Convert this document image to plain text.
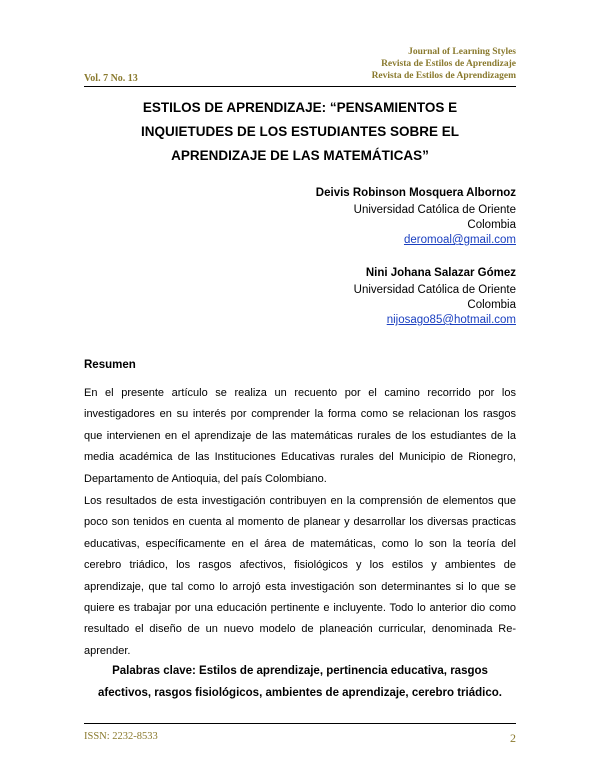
Journal of Learning Styles
Revista de Estilos de Aprendizaje
Revista de Estilos de Aprendizagem
Vol. 7 No. 13
ESTILOS DE APRENDIZAJE: “PENSAMIENTOS E
INQUIETUDES DE LOS ESTUDIANTES SOBRE EL
APRENDIZAJE DE LAS MATEMÁTICAS”
Deivis Robinson Mosquera Albornoz
Universidad Católica de Oriente
Colombia
deromoal@gmail.com
Nini Johana Salazar Gómez
Universidad Católica de Oriente
Colombia
nijosago85@hotmail.com
Resumen

En el presente artículo se realiza un recuento por el camino recorrido por los investigadores en su interés por comprender la forma como se relacionan los rasgos que intervienen en el aprendizaje de las matemáticas rurales de los estudiantes de la media académica de las Instituciones Educativas rurales del Municipio de Rionegro, Departamento de Antioquia, del país Colombiano.

Los resultados de esta investigación contribuyen en la comprensión de elementos que poco son tenidos en cuenta al momento de planear y desarrollar los diversas practicas educativas, específicamente en el área de matemáticas, como lo son la teoría del cerebro triádico, los rasgos afectivos, fisiológicos y los estilos y ambientes de aprendizaje, que tal como lo arrojó esta investigación son determinantes si lo que se quiere es trabajar por una educación pertinente e incluyente. Todo lo anterior dio como resultado el diseño de un nuevo modelo de planeación curricular, denominada Re-aprender.

Palabras clave: Estilos de aprendizaje, pertinencia educativa, rasgos afectivos, rasgos fisiológicos, ambientes de aprendizaje, cerebro triádico.
ISSN: 2232-8533	2
